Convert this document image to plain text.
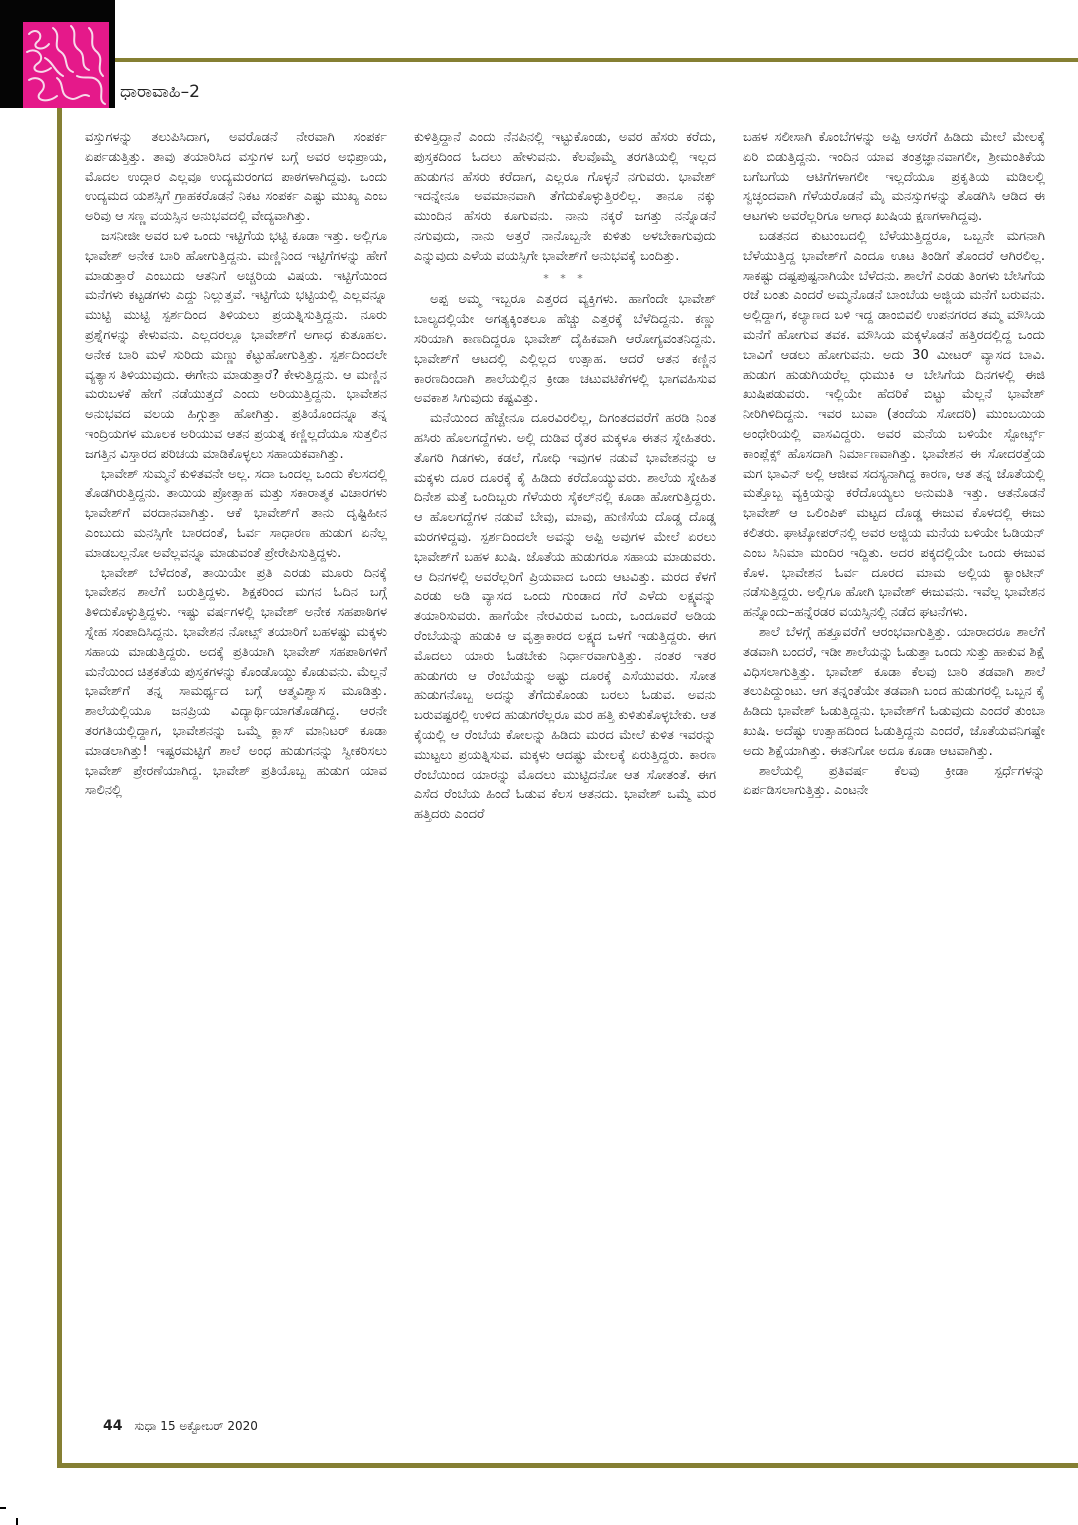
ಧಾರಾವಾಹಿ–2

ವಸ್ತುಗಳನ್ನು ತಲುಪಿಸಿದಾಗ, ಅವರೊಡನೆ ನೇರವಾಗಿ ಸಂಪರ್ಕ ಏರ್ಪಡುತ್ತಿತ್ತು. ತಾವು ತಯಾರಿಸಿದ ವಸ್ತುಗಳ ಬಗ್ಗೆ ಅವರ ಅಭಿಪ್ರಾಯ, ಮೊದಲ ಉದ್ಗಾರ ಎಲ್ಲವೂ ಉದ್ಯಮರಂಗದ ಪಾಠಗಳಾಗಿದ್ದವು. ಒಂದು ಉದ್ಯಮದ ಯಶಸ್ಸಿಗೆ ಗ್ರಾಹಕರೊಡನೆ ನಿಕಟ ಸಂಪರ್ಕ ಎಷ್ಟು ಮುಖ್ಯ ಎಂಬ ಅರಿವು ಆ ಸಣ್ಣ ವಯಸ್ಸಿನ ಅನುಭವದಲ್ಲಿ ವೇದ್ಯವಾಗಿತ್ತು.

ಜಸನೀಜೀ ಅವರ ಬಳಿ ಒಂದು ಇಟ್ಟಿಗೆಯ ಭಟ್ಟಿ ಕೂಡಾ ಇತ್ತು. ಅಲ್ಲಿಗೂ ಭಾವೇಶ್ ಅನೇಕ ಬಾರಿ ಹೋಗುತ್ತಿದ್ದನು. ಮಣ್ಣಿನಿಂದ ಇಟ್ಟಿಗೆಗಳನ್ನು ಹೇಗೆ ಮಾಡುತ್ತಾರೆ ಎಂಬುದು ಆತನಿಗೆ ಅಚ್ಚರಿಯ ವಿಷಯ. ಇಟ್ಟಿಗೆಯಿಂದ ಮನೆಗಳು ಕಟ್ಟಡಗಳು ಎದ್ದು ನಿಲ್ಲುತ್ತವೆ. ಇಟ್ಟಿಗೆಯ ಭಟ್ಟಿಯಲ್ಲಿ ಎಲ್ಲವನ್ನೂ ಮುಟ್ಟಿ ಮುಟ್ಟಿ ಸ್ಪರ್ಶದಿಂದ ತಿಳಿಯಲು ಪ್ರಯತ್ನಿಸುತ್ತಿದ್ದನು. ನೂರು ಪ್ರಶ್ನೆಗಳನ್ನು ಕೇಳುವನು. ಎಲ್ಲದರಲ್ಲೂ ಭಾವೇಶ್‌ಗೆ ಅಗಾಧ ಕುತೂಹಲ. ಅನೇಕ ಬಾರಿ ಮಳೆ ಸುರಿದು ಮಣ್ಣು ಕೆಟ್ಟುಹೋಗುತ್ತಿತ್ತು. ಸ್ಪರ್ಶದಿಂದಲೇ ವ್ಯತ್ಯಾಸ ತಿಳಿಯುವುದು. ಈಗೇನು ಮಾಡುತ್ತಾರೆ? ಕೇಳುತ್ತಿದ್ದನು. ಆ ಮಣ್ಣಿನ ಮರುಬಳಕೆ ಹೇಗೆ ನಡೆಯುತ್ತದೆ ಎಂದು ಅರಿಯುತ್ತಿದ್ದನು. ಭಾವೇಶನ ಅನುಭವದ ವಲಯ ಹಿಗ್ಗುತ್ತಾ ಹೋಗಿತ್ತು. ಪ್ರತಿಯೊಂದನ್ನೂ ತನ್ನ ಇಂದ್ರಿಯಗಳ ಮೂಲಕ ಅರಿಯುವ ಆತನ ಪ್ರಯತ್ನ ಕಣ್ಣಿಲ್ಲದೆಯೂ ಸುತ್ತಲಿನ ಜಗತ್ತಿನ ವಿಸ್ತಾರದ ಪರಿಚಯ ಮಾಡಿಕೊಳ್ಳಲು ಸಹಾಯಕವಾಗಿತ್ತು.

ಭಾವೇಶ್ ಸುಮ್ಮನೆ ಕುಳಿತವನೇ ಅಲ್ಲ. ಸದಾ ಒಂದಲ್ಲ ಒಂದು ಕೆಲಸದಲ್ಲಿ ತೊಡಗಿರುತ್ತಿದ್ದನು. ತಾಯಿಯ ಪ್ರೋತ್ಸಾಹ ಮತ್ತು ಸಕಾರಾತ್ಮಕ ವಿಚಾರಗಳು ಭಾವೇಶ್‌ಗೆ ವರದಾನವಾಗಿತ್ತು. ಆಕೆ ಭಾವೇಶ್‌ಗೆ ತಾನು ದೃಷ್ಟಿಹೀನ ಎಂಬುದು ಮನಸ್ಸಿಗೇ ಬಾರದಂತೆ, ಓರ್ವ ಸಾಧಾರಣ ಹುಡುಗ ಏನೆಲ್ಲ ಮಾಡಬಲ್ಲನೋ ಅವೆಲ್ಲವನ್ನೂ ಮಾಡುವಂತೆ ಪ್ರೇರೇಪಿಸುತ್ತಿದ್ದಳು.

ಭಾವೇಶ್ ಬೆಳೆದಂತೆ, ತಾಯಿಯೇ ಪ್ರತಿ ಎರಡು ಮೂರು ದಿನಕ್ಕೆ ಭಾವೇಶನ ಶಾಲೆಗೆ ಬರುತ್ತಿದ್ದಳು. ಶಿಕ್ಷಕರಿಂದ ಮಗನ ಓದಿನ ಬಗ್ಗೆ ತಿಳಿದುಕೊಳ್ಳುತ್ತಿದ್ದಳು. ಇಷ್ಟು ವರ್ಷಗಳಲ್ಲಿ ಭಾವೇಶ್ ಅನೇಕ ಸಹಪಾಠಿಗಳ ಸ್ನೇಹ ಸಂಪಾದಿಸಿದ್ದನು. ಭಾವೇಶನ ನೋಟ್ಸ್ ತಯಾರಿಗೆ ಬಹಳಷ್ಟು ಮಕ್ಕಳು ಸಹಾಯ ಮಾಡುತ್ತಿದ್ದರು. ಅದಕ್ಕೆ ಪ್ರತಿಯಾಗಿ ಭಾವೇಶ್ ಸಹಪಾಠಿಗಳಿಗೆ ಮನೆಯಿಂದ ಚಿತ್ರಕತೆಯ ಪುಸ್ತಕಗಳನ್ನು ಕೊಂಡೊಯ್ದು ಕೊಡುವನು. ಮೆಲ್ಲನೆ ಭಾವೇಶ್‌ಗೆ ತನ್ನ ಸಾಮರ್ಥ್ಯದ ಬಗ್ಗೆ ಆತ್ಮವಿಶ್ವಾಸ ಮೂಡಿತ್ತು. ಶಾಲೆಯಲ್ಲಿಯೂ ಜನಪ್ರಿಯ ವಿದ್ಯಾರ್ಥಿಯಾಗತೊಡಗಿದ್ದ. ಆರನೇ ತರಗತಿಯಲ್ಲಿದ್ದಾಗ, ಭಾವೇಶನನ್ನು ಒಮ್ಮೆ ಕ್ಲಾಸ್ ಮಾನಿಟರ್ ಕೂಡಾ ಮಾಡಲಾಗಿತ್ತು! ಇಷ್ಟರಮಟ್ಟಿಗೆ ಶಾಲೆ ಅಂಧ ಹುಡುಗನನ್ನು ಸ್ವೀಕರಿಸಲು ಭಾವೇಶ್ ಪ್ರೇರಣೆಯಾಗಿದ್ದ. ಭಾವೇಶ್ ಪ್ರತಿಯೊಬ್ಬ ಹುಡುಗ ಯಾವ ಸಾಲಿನಲ್ಲಿ

ಕುಳಿತ್ತಿದ್ದಾನೆ ಎಂದು ನೆನಪಿನಲ್ಲಿ ಇಟ್ಟುಕೊಂಡು, ಅವರ ಹೆಸರು ಕರೆದು, ಪುಸ್ತಕದಿಂದ ಓದಲು ಹೇಳುವನು. ಕೆಲವೊಮ್ಮೆ ತರಗತಿಯಲ್ಲಿ ಇಲ್ಲದ ಹುಡುಗನ ಹೆಸರು ಕರೆದಾಗ, ಎಲ್ಲರೂ ಗೊಳ್ಳನೆ ನಗುವರು. ಭಾವೇಶ್ ಇದನ್ನೇನೂ ಅವಮಾನವಾಗಿ ತೆಗೆದುಕೊಳ್ಳುತ್ತಿರಲಿಲ್ಲ. ತಾನೂ ನಕ್ಕು ಮುಂದಿನ ಹೆಸರು ಕೂಗುವನು. ನಾನು ನಕ್ಕರೆ ಜಗತ್ತು ನನ್ನೊಡನೆ ನಗುವುದು, ನಾನು ಅತ್ತರೆ ನಾನೊಬ್ಬನೇ ಕುಳಿತು ಅಳಬೇಕಾಗುವುದು ಎನ್ನುವುದು ಎಳೆಯ ವಯಸ್ಸಿಗೇ ಭಾವೇಶ್‌ಗೆ ಅನುಭವಕ್ಕೆ ಬಂದಿತ್ತು.

* * *

ಅಪ್ಪ ಅಮ್ಮ ಇಬ್ಬರೂ ಎತ್ತರದ ವ್ಯಕ್ತಿಗಳು. ಹಾಗೆಂದೇ ಭಾವೇಶ್ ಬಾಲ್ಯದಲ್ಲಿಯೇ ಅಗತ್ಯಕ್ಕಿಂತಲೂ ಹೆಚ್ಚು ಎತ್ತರಕ್ಕೆ ಬೆಳೆದಿದ್ದನು. ಕಣ್ಣು ಸರಿಯಾಗಿ ಕಾಣದಿದ್ದರೂ ಭಾವೇಶ್ ದೈಹಿಕವಾಗಿ ಆರೋಗ್ಯವಂತನಿದ್ದನು. ಭಾವೇಶ್‌ಗೆ ಆಟದಲ್ಲಿ ಎಲ್ಲಿಲ್ಲದ ಉತ್ಸಾಹ. ಆದರೆ ಆತನ ಕಣ್ಣಿನ ಕಾರಣದಿಂದಾಗಿ ಶಾಲೆಯಲ್ಲಿನ ಕ್ರೀಡಾ ಚಟುವಟಿಕೆಗಳಲ್ಲಿ ಭಾಗವಹಿಸುವ ಅವಕಾಶ ಸಿಗುವುದು ಕಷ್ಟವಿತ್ತು.

ಮನೆಯಿಂದ ಹೆಚ್ಚೇನೂ ದೂರವಿರಲಿಲ್ಲ, ದಿಗಂತದವರೆಗೆ ಹರಡಿ ನಿಂತ ಹಸಿರು ಹೊಲಗದ್ದೆಗಳು. ಅಲ್ಲಿ ದುಡಿವ ರೈತರ ಮಕ್ಕಳೂ ಈತನ ಸ್ನೇಹಿತರು. ತೊಗರಿ ಗಿಡಗಳು, ಕಡಲೆ, ಗೋಧಿ ಇವುಗಳ ನಡುವೆ ಭಾವೇಶನನ್ನು ಆ ಮಕ್ಕಳು ದೂರ ದೂರಕ್ಕೆ ಕೈ ಹಿಡಿದು ಕರೆದೊಯ್ಯುವರು. ಶಾಲೆಯ ಸ್ನೇಹಿತ ದಿನೇಶ ಮತ್ತೆ ಒಂದಿಬ್ಬರು ಗೆಳೆಯರು ಸೈಕಲ್‌ನಲ್ಲಿ ಕೂಡಾ ಹೋಗುತ್ತಿದ್ದರು. ಆ ಹೊಲಗದ್ದೆಗಳ ನಡುವೆ ಬೇವು, ಮಾವು, ಹುಣಿಸೆಯ ದೊಡ್ಡ ದೊಡ್ಡ ಮರಗಳಿದ್ದವು. ಸ್ಪರ್ಶದಿಂದಲೇ ಅವನ್ನು ಅಪ್ಪಿ ಅವುಗಳ ಮೇಲೆ ಏರಲು ಭಾವೇಶ್‌ಗೆ ಬಹಳ ಖುಷಿ. ಜೊತೆಯ ಹುಡುಗರೂ ಸಹಾಯ ಮಾಡುವರು. ಆ ದಿನಗಳಲ್ಲಿ ಅವರೆಲ್ಲರಿಗೆ ಪ್ರಿಯವಾದ ಒಂದು ಆಟವಿತ್ತು. ಮರದ ಕೆಳಗೆ ಎರಡು ಅಡಿ ವ್ಯಾಸದ ಒಂದು ಗುಂಡಾದ ಗೆರೆ ಎಳೆದು ಲಕ್ಷ್ಯವನ್ನು ತಯಾರಿಸುವರು. ಹಾಗೆಯೇ ನೇರವಿರುವ ಒಂದು, ಒಂದೂವರೆ ಅಡಿಯ ರೆಂಬೆಯನ್ನು ಹುಡುಕಿ ಆ ವೃತ್ತಾಕಾರದ ಲಕ್ಷ್ಯದ ಒಳಗೆ ಇಡುತ್ತಿದ್ದರು. ಈಗ ಮೊದಲು ಯಾರು ಓಡಬೇಕು ನಿರ್ಧಾರವಾಗುತ್ತಿತ್ತು. ನಂತರ ಇತರ ಹುಡುಗರು ಆ ರೆಂಬೆಯನ್ನು ಅಷ್ಟು ದೂರಕ್ಕೆ ಎಸೆಯುವರು. ಸೋತ ಹುಡುಗನೊಬ್ಬ ಅದನ್ನು ತೆಗೆದುಕೊಂಡು ಬರಲು ಓಡುವ. ಅವನು ಬರುವಷ್ಟರಲ್ಲಿ ಉಳಿದ ಹುಡುಗರೆಲ್ಲರೂ ಮರ ಹತ್ತಿ ಕುಳಿತುಕೊಳ್ಳಬೇಕು. ಆತ ಕೈಯಲ್ಲಿ ಆ ರೆಂಬೆಯ ಕೋಲನ್ನು ಹಿಡಿದು ಮರದ ಮೇಲೆ ಕುಳಿತ ಇವರನ್ನು ಮುಟ್ಟಲು ಪ್ರಯತ್ನಿಸುವ. ಮಕ್ಕಳು ಆದಷ್ಟು ಮೇಲಕ್ಕೆ ಏರುತ್ತಿದ್ದರು. ಕಾರಣ ರೆಂಬೆಯಿಂದ ಯಾರನ್ನು ಮೊದಲು ಮುಟ್ಟಿದನೋ ಆತ ಸೋತಂತೆ. ಈಗ ಎಸೆದ ರೆಂಬೆಯ ಹಿಂದೆ ಓಡುವ ಕೆಲಸ ಆತನದು. ಭಾವೇಶ್ ಒಮ್ಮೆ ಮರ ಹತ್ತಿದರು ಎಂದರೆ

ಬಹಳ ಸಲೀಸಾಗಿ ಕೊಂಬೆಗಳನ್ನು ಅಪ್ಪಿ ಆಸರೆಗೆ ಹಿಡಿದು ಮೇಲೆ ಮೇಲಕ್ಕೆ ಏರಿ ಬಿಡುತ್ತಿದ್ದನು. ಇಂದಿನ ಯಾವ ತಂತ್ರಜ್ಞಾನವಾಗಲೀ, ಶ್ರೀಮಂತಿಕೆಯ ಬಗೆಬಗೆಯ ಆಟಿಗೆಗಳಾಗಲೀ ಇಲ್ಲದೆಯೂ ಪ್ರಕೃತಿಯ ಮಡಿಲಲ್ಲಿ ಸ್ವಚ್ಛಂದವಾಗಿ ಗೆಳೆಯರೊಡನೆ ಮೈ ಮನಸ್ಸುಗಳನ್ನು ತೊಡಗಿಸಿ ಆಡಿದ ಈ ಆಟಗಳು ಅವರೆಲ್ಲರಿಗೂ ಅಗಾಧ ಖುಷಿಯ ಕ್ಷಣಗಳಾಗಿದ್ದವು.

ಬಡತನದ ಕುಟುಂಬದಲ್ಲಿ ಬೆಳೆಯುತ್ತಿದ್ದರೂ, ಒಬ್ಬನೇ ಮಗನಾಗಿ ಬೆಳೆಯುತ್ತಿದ್ದ ಭಾವೇಶ್‌ಗೆ ಎಂದೂ ಊಟ ತಿಂಡಿಗೆ ತೊಂದರೆ ಆಗಿರಲಿಲ್ಲ. ಸಾಕಷ್ಟು ದಷ್ಟಪುಷ್ಟನಾಗಿಯೇ ಬೆಳೆದನು. ಶಾಲೆಗೆ ಎರಡು ತಿಂಗಳು ಬೇಸಿಗೆಯ ರಜೆ ಬಂತು ಎಂದರೆ ಅಮ್ಮನೊಡನೆ ಬಾಂಬೆಯ ಅಜ್ಜಿಯ ಮನೆಗೆ ಬರುವನು. ಅಲ್ಲಿದ್ದಾಗ, ಕಲ್ಯಾಣದ ಬಳಿ ಇದ್ದ ಡಾಂಬಿವಲಿ ಉಪನಗರದ ತಮ್ಮ ಮೌಸಿಯ ಮನೆಗೆ ಹೋಗುವ ತವಕ. ಮೌಸಿಯ ಮಕ್ಕಳೊಡನೆ ಹತ್ತಿರದಲ್ಲಿದ್ದ ಒಂದು ಬಾವಿಗೆ ಆಡಲು ಹೋಗುವನು. ಅದು 30 ಮೀಟರ್ ವ್ಯಾಸದ ಬಾವಿ. ಹುಡುಗ ಹುಡುಗಿಯರೆಲ್ಲ ಧುಮುಕಿ ಆ ಬೇಸಿಗೆಯ ದಿನಗಳಲ್ಲಿ ಈಜಿ ಖುಷಿಪಡುವರು. ಇಲ್ಲಿಯೇ ಹೆದರಿಕೆ ಬಿಟ್ಟು ಮೆಲ್ಲನೆ ಭಾವೇಶ್ ನೀರಿಗಿಳಿದಿದ್ದನು. ಇವರ ಬುವಾ (ತಂದೆಯ ಸೋದರಿ) ಮುಂಬಯಿಯ ಅಂಧೇರಿಯಲ್ಲಿ ವಾಸವಿದ್ದರು. ಅವರ ಮನೆಯ ಬಳಿಯೇ ಸ್ಪೋರ್ಟ್ಸ್ ಕಾಂಪ್ಲೆಕ್ಸ್ ಹೊಸದಾಗಿ ನಿರ್ಮಾಣವಾಗಿತ್ತು. ಭಾವೇಶನ ಈ ಸೋದರತ್ತೆಯ ಮಗ ಭಾವಿನ್ ಅಲ್ಲಿ ಆಜೀವ ಸದಸ್ಯನಾಗಿದ್ದ ಕಾರಣ, ಆತ ತನ್ನ ಜೊತೆಯಲ್ಲಿ ಮತ್ತೊಬ್ಬ ವ್ಯಕ್ತಿಯನ್ನು ಕರೆದೊಯ್ಯಲು ಅನುಮತಿ ಇತ್ತು. ಆತನೊಡನೆ ಭಾವೇಶ್ ಆ ಒಲಿಂಪಿಕ್ ಮಟ್ಟದ ದೊಡ್ಡ ಈಜುವ ಕೊಳದಲ್ಲಿ ಈಜು ಕಲಿತರು. ಘಾಟ್ಕೋಪರ್‌ನಲ್ಲಿ ಅವರ ಅಜ್ಜಿಯ ಮನೆಯ ಬಳಿಯೇ ಓಡಿಯನ್ ಎಂಬ ಸಿನಿಮಾ ಮಂದಿರ ಇದ್ದಿತು. ಅದರ ಪಕ್ಕದಲ್ಲಿಯೇ ಒಂದು ಈಜುವ ಕೊಳ. ಭಾವೇಶನ ಓರ್ವ ದೂರದ ಮಾಮ ಅಲ್ಲಿಯ ಕ್ಯಾಂಟೀನ್ ನಡೆಸುತ್ತಿದ್ದರು. ಅಲ್ಲಿಗೂ ಹೋಗಿ ಭಾವೇಶ್ ಈಜುವನು. ಇವೆಲ್ಲ ಭಾವೇಶನ ಹನ್ನೊಂದು–ಹನ್ನೆರಡರ ವಯಸ್ಸಿನಲ್ಲಿ ನಡೆದ ಘಟನೆಗಳು.

ಶಾಲೆ ಬೆಳಗ್ಗೆ ಹತ್ತೂವರೆಗೆ ಆರಂಭವಾಗುತ್ತಿತ್ತು. ಯಾರಾದರೂ ಶಾಲೆಗೆ ತಡವಾಗಿ ಬಂದರೆ, ಇಡೀ ಶಾಲೆಯನ್ನು ಓಡುತ್ತಾ ಒಂದು ಸುತ್ತು ಹಾಕುವ ಶಿಕ್ಷೆ ವಿಧಿಸಲಾಗುತ್ತಿತ್ತು. ಭಾವೇಶ್ ಕೂಡಾ ಕೆಲವು ಬಾರಿ ತಡವಾಗಿ ಶಾಲೆ ತಲುಪಿದ್ದುಂಟು. ಆಗ ತನ್ನಂತೆಯೇ ತಡವಾಗಿ ಬಂದ ಹುಡುಗರಲ್ಲಿ ಒಬ್ಬನ ಕೈ ಹಿಡಿದು ಭಾವೇಶ್ ಓಡುತ್ತಿದ್ದನು. ಭಾವೇಶ್‌ಗೆ ಓಡುವುದು ಎಂದರೆ ತುಂಬಾ ಖುಷಿ. ಅದೆಷ್ಟು ಉತ್ಸಾಹದಿಂದ ಓಡುತ್ತಿದ್ದನು ಎಂದರೆ, ಜೊತೆಯವನಿಗಷ್ಟೇ ಅದು ಶಿಕ್ಷೆಯಾಗಿತ್ತು. ಈತನಿಗೋ ಅದೂ ಕೂಡಾ ಆಟವಾಗಿತ್ತು.

ಶಾಲೆಯಲ್ಲಿ ಪ್ರತಿವರ್ಷ ಕೆಲವು ಕ್ರೀಡಾ ಸ್ಪರ್ಧೆಗಳನ್ನು ಏರ್ಪಡಿಸಲಾಗುತ್ತಿತ್ತು. ಎಂಟನೇ

44 ಸುಧಾ 15 ಅಕ್ಟೋಬರ್ 2020
